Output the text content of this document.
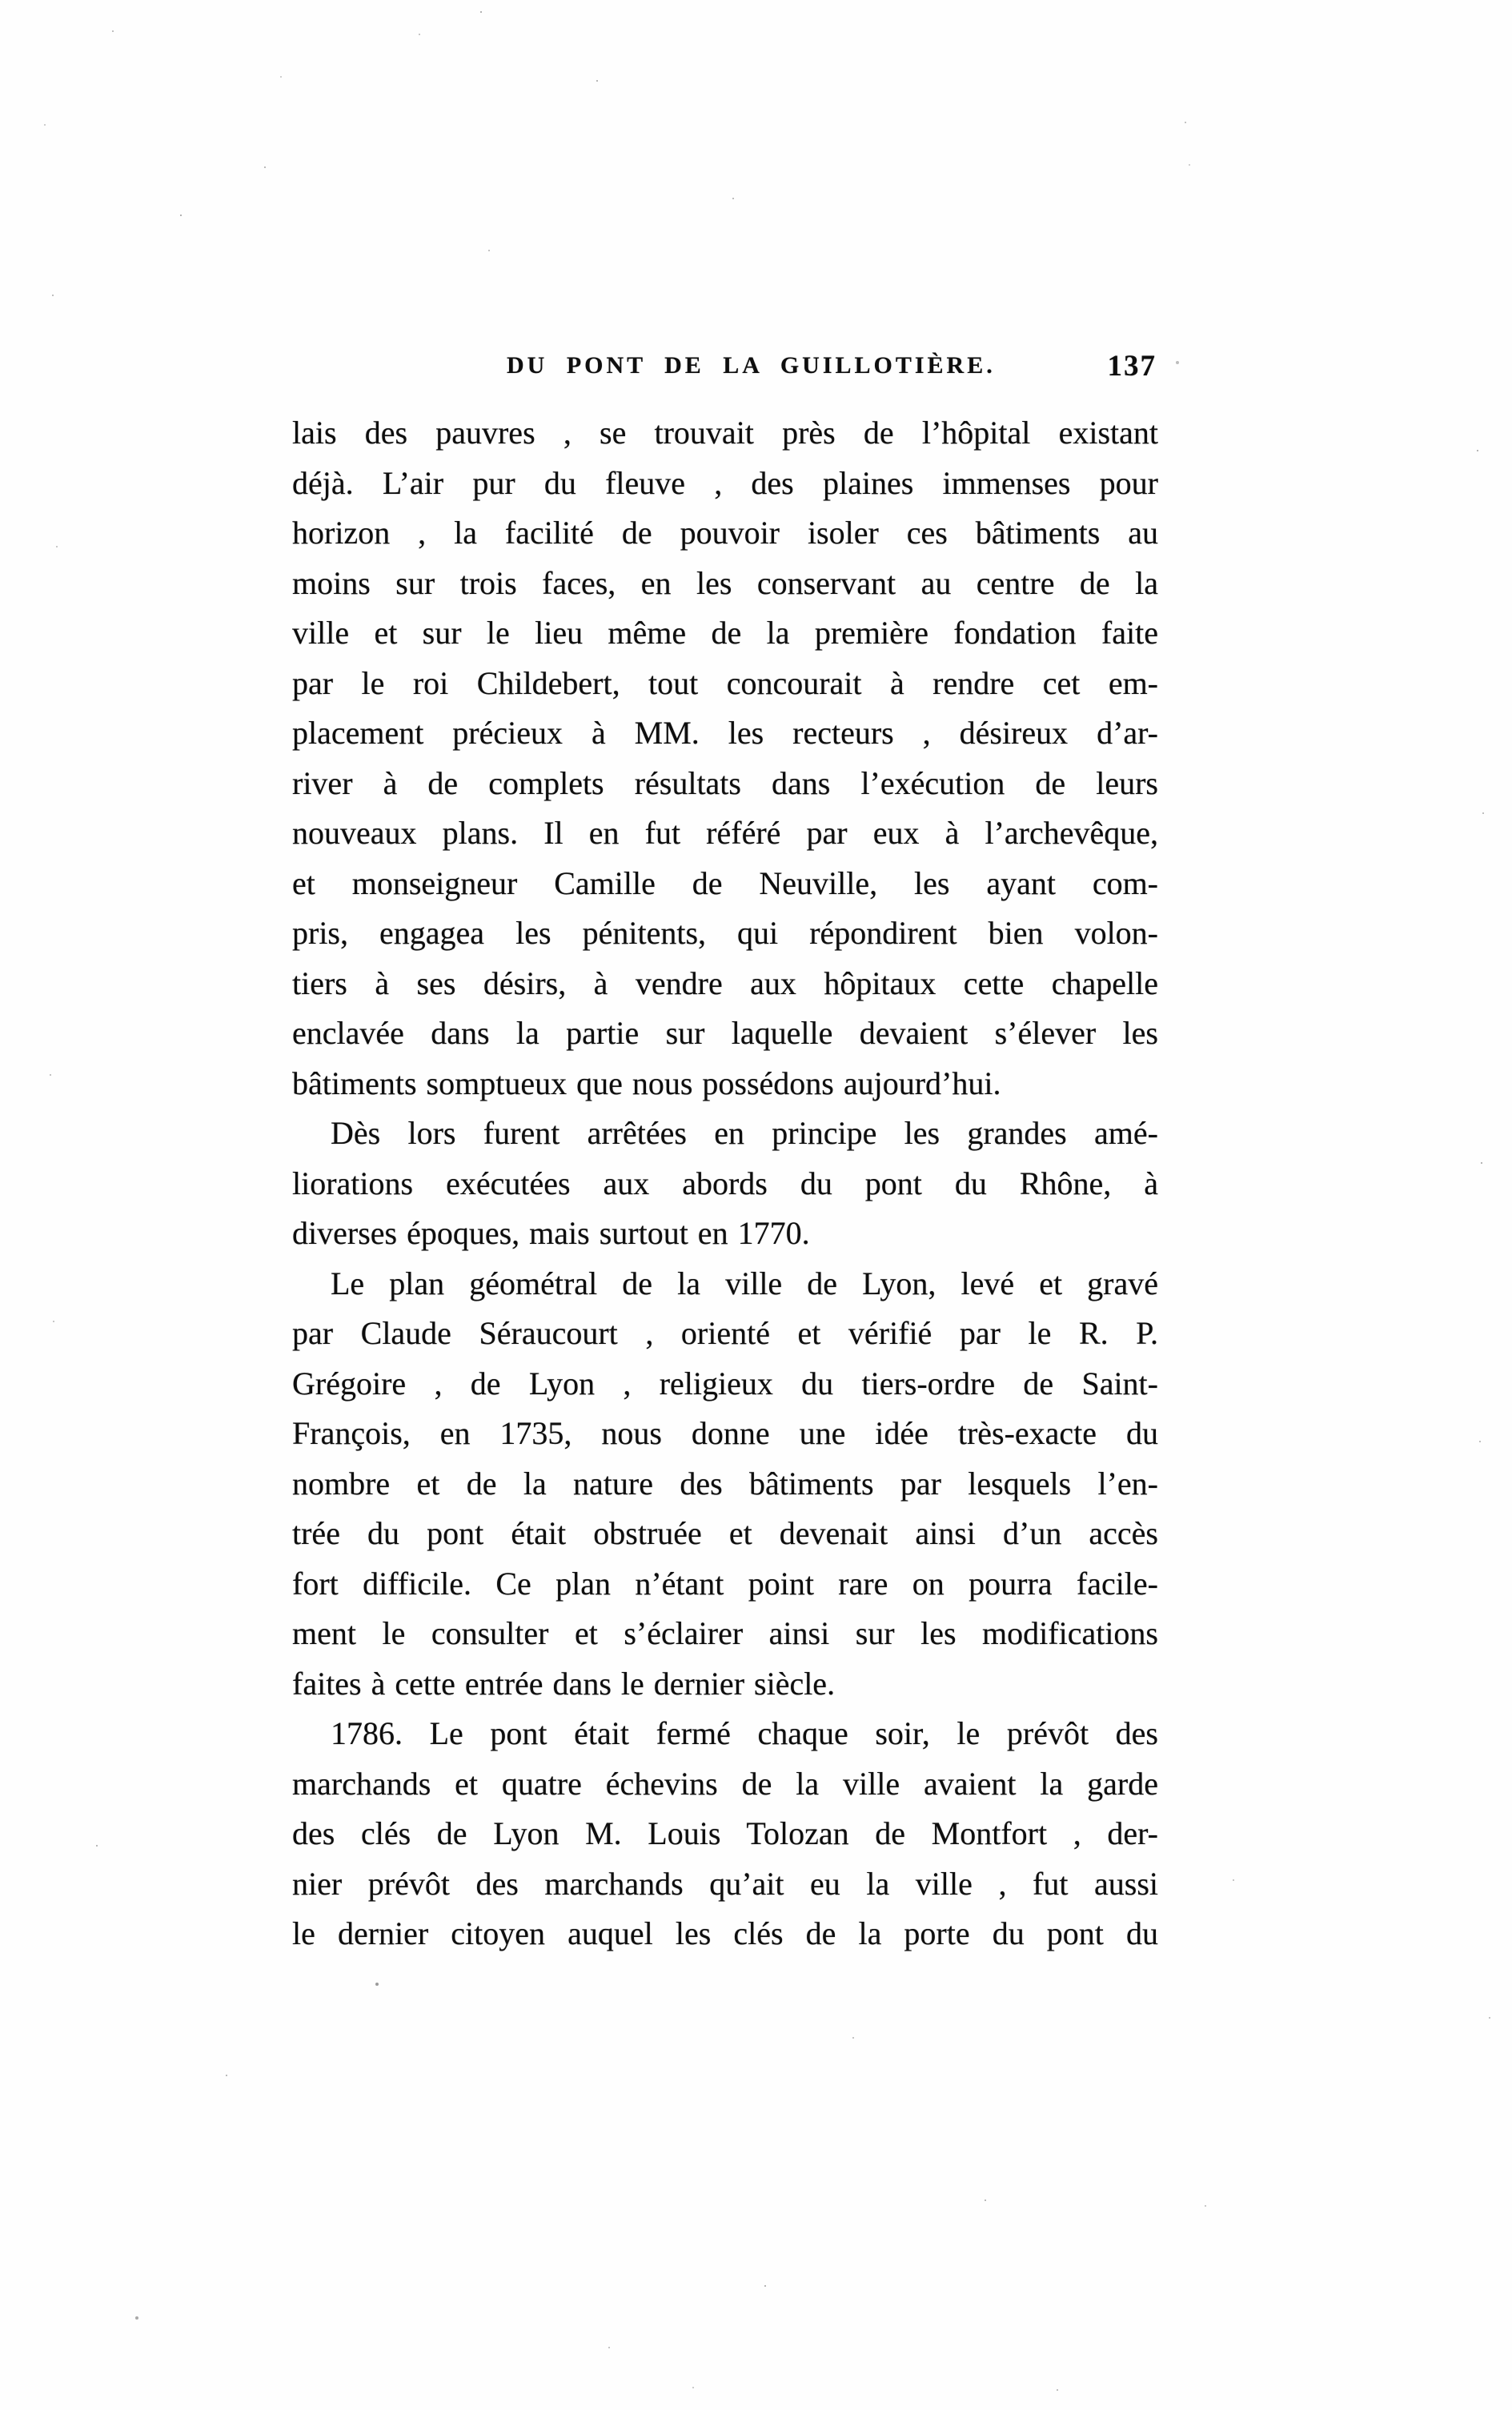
DU PONT DE LA GUILLOTIÈRE.	137
lais des pauvres , se trouvait près de l’hôpital existant
déjà. L’air pur du fleuve , des plaines immenses pour
horizon , la facilité de pouvoir isoler ces bâtiments au
moins sur trois faces, en les conservant au centre de la
ville et sur le lieu même de la première fondation faite
par le roi Childebert, tout concourait à rendre cet em-
placement précieux à MM. les recteurs , désireux d’ar-
river à de complets résultats dans l’exécution de leurs
nouveaux plans. Il en fut référé par eux à l’archevêque,
et monseigneur Camille de Neuville, les ayant com-
pris, engagea les pénitents, qui répondirent bien volon-
tiers à ses désirs, à vendre aux hôpitaux cette chapelle
enclavée dans la partie sur laquelle devaient s’élever les
bâtiments somptueux que nous possédons aujourd’hui.
Dès lors furent arrêtées en principe les grandes amé-
liorations exécutées aux abords du pont du Rhône, à
diverses époques, mais surtout en 1770.
Le plan géométral de la ville de Lyon, levé et gravé
par Claude Séraucourt , orienté et vérifié par le R. P.
Grégoire , de Lyon , religieux du tiers-ordre de Saint-
François, en 1735, nous donne une idée très-exacte du
nombre et de la nature des bâtiments par lesquels l’en-
trée du pont était obstruée et devenait ainsi d’un accès
fort difficile. Ce plan n’étant point rare on pourra facile-
ment le consulter et s’éclairer ainsi sur les modifications
faites à cette entrée dans le dernier siècle.
1786. Le pont était fermé chaque soir, le prévôt des
marchands et quatre échevins de la ville avaient la garde
des clés de Lyon M. Louis Tolozan de Montfort , der-
nier prévôt des marchands qu’ait eu la ville , fut aussi
le dernier citoyen auquel les clés de la porte du pont du
